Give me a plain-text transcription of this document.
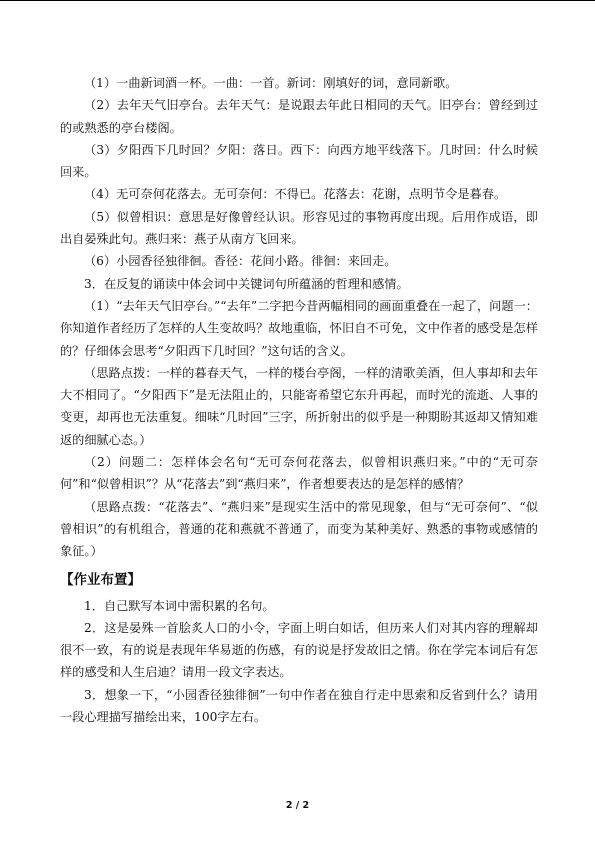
（1）一曲新词酒一杯。一曲：一首。新词：刚填好的词，意同新歌。

（2）去年天气旧亭台。去年天气：是说跟去年此日相同的天气。旧亭台：曾经到过的或熟悉的亭台楼阁。

（3）夕阳西下几时回？夕阳：落日。西下：向西方地平线落下。几时回：什么时候回来。

（4）无可奈何花落去。无可奈何：不得已。花落去：花谢，点明节令是暮春。

（5）似曾相识：意思是好像曾经认识。形容见过的事物再度出现。后用作成语，即出自晏殊此句。燕归来：燕子从南方飞回来。

（6）小园香径独徘徊。香径：花间小路。徘徊：来回走。

3．在反复的诵读中体会词中关键词句所蕴涵的哲理和感情。

（1）“去年天气旧亭台。”“去年”二字把今昔两幅相同的画面重叠在一起了，问题一：你知道作者经历了怎样的人生变故吗？故地重临，怀旧自不可免，文中作者的感受是怎样的？仔细体会思考“夕阳西下几时回？”这句话的含义。

（思路点拨：一样的暮春天气，一样的楼台亭阁，一样的清歌美酒，但人事却和去年大不相同了。“夕阳西下”是无法阻止的，只能寄希望它东升再起，而时光的流逝、人事的变更，却再也无法重复。细味“几时回”三字，所折射出的似乎是一种期盼其返却又情知难返的细腻心态。）

（2）问题二：怎样体会名句“无可奈何花落去，似曾相识燕归来。”中的“无可奈何”和“似曾相识”？从“花落去”到“燕归来”，作者想要表达的是怎样的感情？

（思路点拨：“花落去”、“燕归来”是现实生活中的常见现象，但与“无可奈何”、“似曾相识”的有机组合，普通的花和燕就不普通了，而变为某种美好、熟悉的事物或感情的象征。）

【作业布置】

1．自己默写本词中需积累的名句。

2．这是晏殊一首脍炙人口的小令，字面上明白如话，但历来人们对其内容的理解却很不一致，有的说是表现年华易逝的伤感，有的说是抒发故旧之情。你在学完本词后有怎样的感受和人生启迪？请用一段文字表达。

3．想象一下，“小园香径独徘徊”一句中作者在独自行走中思索和反省到什么？请用一段心理描写描绘出来，100字左右。

2 / 2
